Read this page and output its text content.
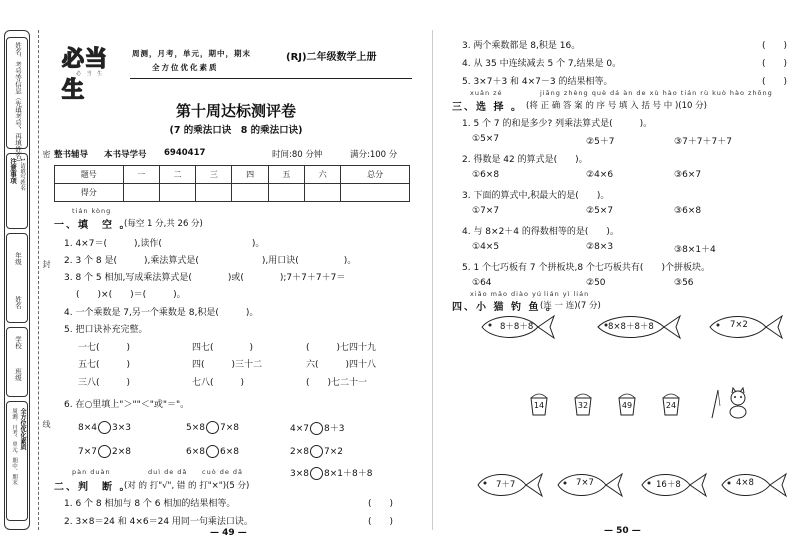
姓名、考号等信息（先填考号，再填姓名）
注意事项 1.请填写姓名
年级
姓名
学校
班级
周测、月考、单元、期中、期末 全方位优化素质
密
封
线
必当生
必 当 生
周测，月考，单元，期中，期末
全方位优化素质
(RJ)二年级数学上册
第十周达标测评卷
(7 的乘法口诀　8 的乘法口诀)
整书辅导 本书导学号 6940417	时间:80 分钟	满分:100 分
题号	一	二	三	四	五	六	总分
得分							
tián kòng
一、填　空 。
(每空 1 分,共 26 分)
1. 4×7＝(　　　),读作(　　　　　　　　　　)。
2. 3 个 8 是(　　　),乘法算式是(　　　　　　　),用口诀(　　　　　)。
3. 8 个 5 相加,写成乘法算式是(　　　　)或(　　　　);7＋7＋7＋7＝
(　　)×(　　)＝(　　　)。
4. 一个乘数是 7,另一个乘数是 8,积是(　　　)。
5. 把口诀补充完整。
一七(　　　)	四七(　　　　)	(　　　)七四十九
五七(　　　)	四(　　　)三十二	六(　　　)四十八
三八(　　　)	七八(　　　)	(　　)七二十一
6. 在○里填上"＞""＜"或"＝"。
8×4 3×3	5×8 7×8	4×7 8＋3
7×7 2×8	6×8 6×8	2×8 7×2
3×8 8×1＋8＋8
pàn duàn	duì de dǎ cuò de dǎ
二、判　断 。
(对 的 打"√", 错 的 打"×")(5 分)
1. 6 个 8 相加与 8 个 6 相加的结果相等。	(　　)
2. 3×8＝24 和 4×6＝24 用同一句乘法口诀。	(　　)
— 49 —
3. 两个乘数都是 8,积是 16。	(　　)
4. 从 35 中连续减去 5 个 7,结果是 0。	(　　)
5. 3×7＋3 和 4×7－3 的结果相等。	(　　)
xuǎn zé	jiāng zhèng què dá àn de xù hào tián rù kuò hào zhōng
三、选 择 。 (将 正 确 答 案 的 序 号 填 入 括 号 中 )(10 分)
1. 5 个 7 的和是多少? 列乘法算式是(　　　)。
①5×7	②5＋7	③7＋7＋7＋7
2. 得数是 42 的算式是(　　)。
①6×8	②4×6	③6×7
3. 下面的算式中,积最大的是(　　)。
①7×7	②5×7	③6×8
4. 与 8×2＋4 的得数相等的是(　　)。
①4×5	②8×3	③8×1＋4
5. 1 个七巧板有 7 个拼板块,8 个七巧板共有(　　)个拼板块。
①64	②50	③56
xiǎo māo diào yú lián yì lián
四、小 猫 钓 鱼 。
(连 一 连)(7 分)
8＋8＋8	8×8＋8＋8	7×2
14	32	49	24
7＋7	7×7	16＋8	4×8
— 50 —
